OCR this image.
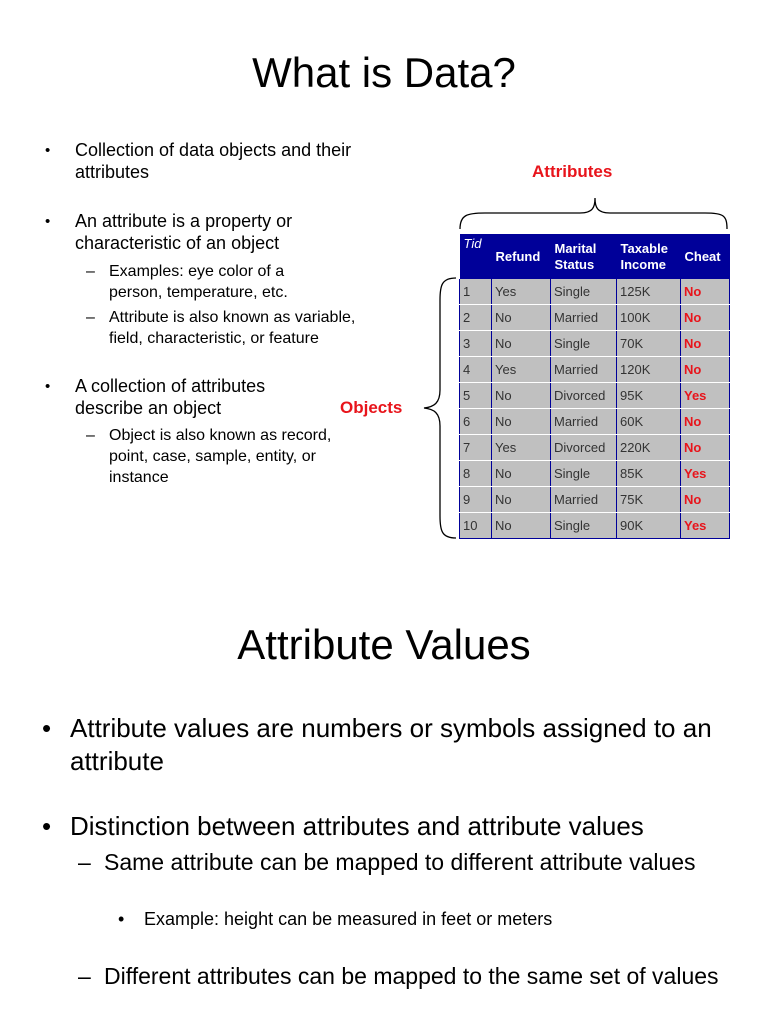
What is Data?
• Collection of data objects and their attributes
• An attribute is a property or characteristic of an object
– Examples: eye color of a person, temperature, etc.
– Attribute is also known as variable, field, characteristic, or feature
• A collection of attributes describe an object
– Object is also known as record, point, case, sample, entity, or instance
Attributes
Objects
Tid	Refund	Marital Status	Taxable Income	Cheat
1	Yes	Single	125K	No
2	No	Married	100K	No
3	No	Single	70K	No
4	Yes	Married	120K	No
5	No	Divorced	95K	Yes
6	No	Married	60K	No
7	Yes	Divorced	220K	No
8	No	Single	85K	Yes
9	No	Married	75K	No
10	No	Single	90K	Yes
Attribute Values
• Attribute values are numbers or symbols assigned to an attribute
• Distinction between attributes and attribute values
– Same attribute can be mapped to different attribute values
• Example: height can be measured in feet or meters
– Different attributes can be mapped to the same set of values
